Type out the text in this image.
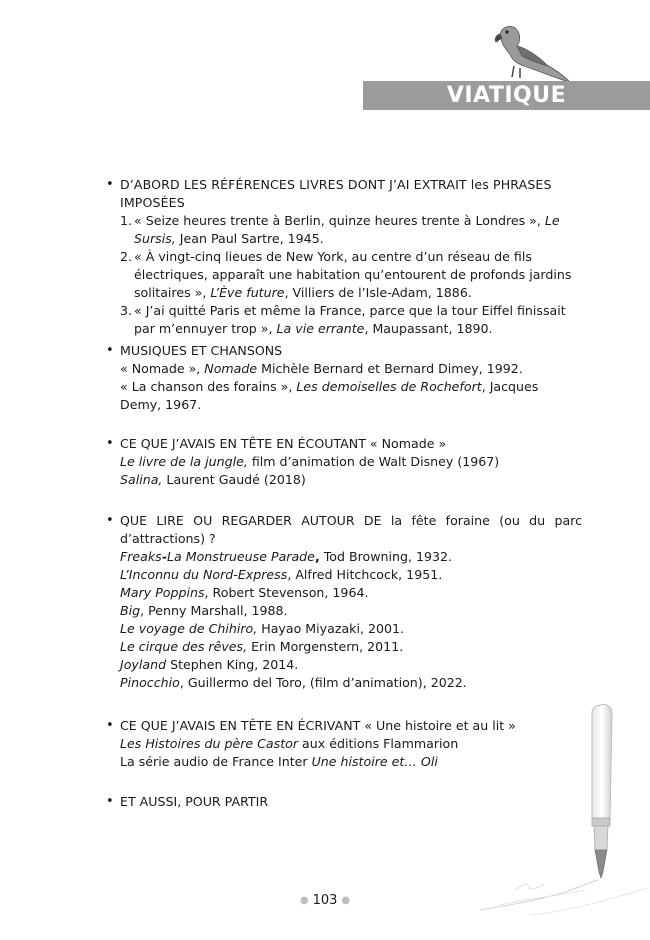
VIATIQUE
• D’ABORD LES RÉFÉRENCES LIVRES DONT J’AI EXTRAIT les PHRASES IMPOSÉES
1. « Seize heures trente à Berlin, quinze heures trente à Londres », Le Sursis, Jean Paul Sartre, 1945.
2. « À vingt-cinq lieues de New York, au centre d’un réseau de fils électriques, apparaît une habitation qu’entourent de profonds jardins solitaires », L’Ève future, Villiers de l’Isle-Adam, 1886.
3. « J’ai quitté Paris et même la France, parce que la tour Eiffel finissait par m’ennuyer trop », La vie errante, Maupassant, 1890.
• MUSIQUES ET CHANSONS
« Nomade », Nomade Michèle Bernard et Bernard Dimey, 1992.
« La chanson des forains », Les demoiselles de Rochefort, Jacques Demy, 1967.
• CE QUE J’AVAIS EN TÊTE EN ÉCOUTANT « Nomade »
Le livre de la jungle, film d’animation de Walt Disney (1967)
Salina, Laurent Gaudé (2018)
• QUE LIRE OU REGARDER AUTOUR DE la fête foraine (ou du parc d’attractions) ?
Freaks-La Monstrueuse Parade, Tod Browning, 1932.
L’Inconnu du Nord-Express, Alfred Hitchcock, 1951.
Mary Poppins, Robert Stevenson, 1964.
Big, Penny Marshall, 1988.
Le voyage de Chihiro, Hayao Miyazaki, 2001.
Le cirque des rêves, Erin Morgenstern, 2011.
Joyland Stephen King, 2014.
Pinocchio, Guillermo del Toro, (film d’animation), 2022.
• CE QUE J’AVAIS EN TÊTE EN ÉCRIVANT « Une histoire et au lit »
Les Histoires du père Castor aux éditions Flammarion
La série audio de France Inter Une histoire et… Oli
• ET AUSSI, POUR PARTIR
● 103 ●
